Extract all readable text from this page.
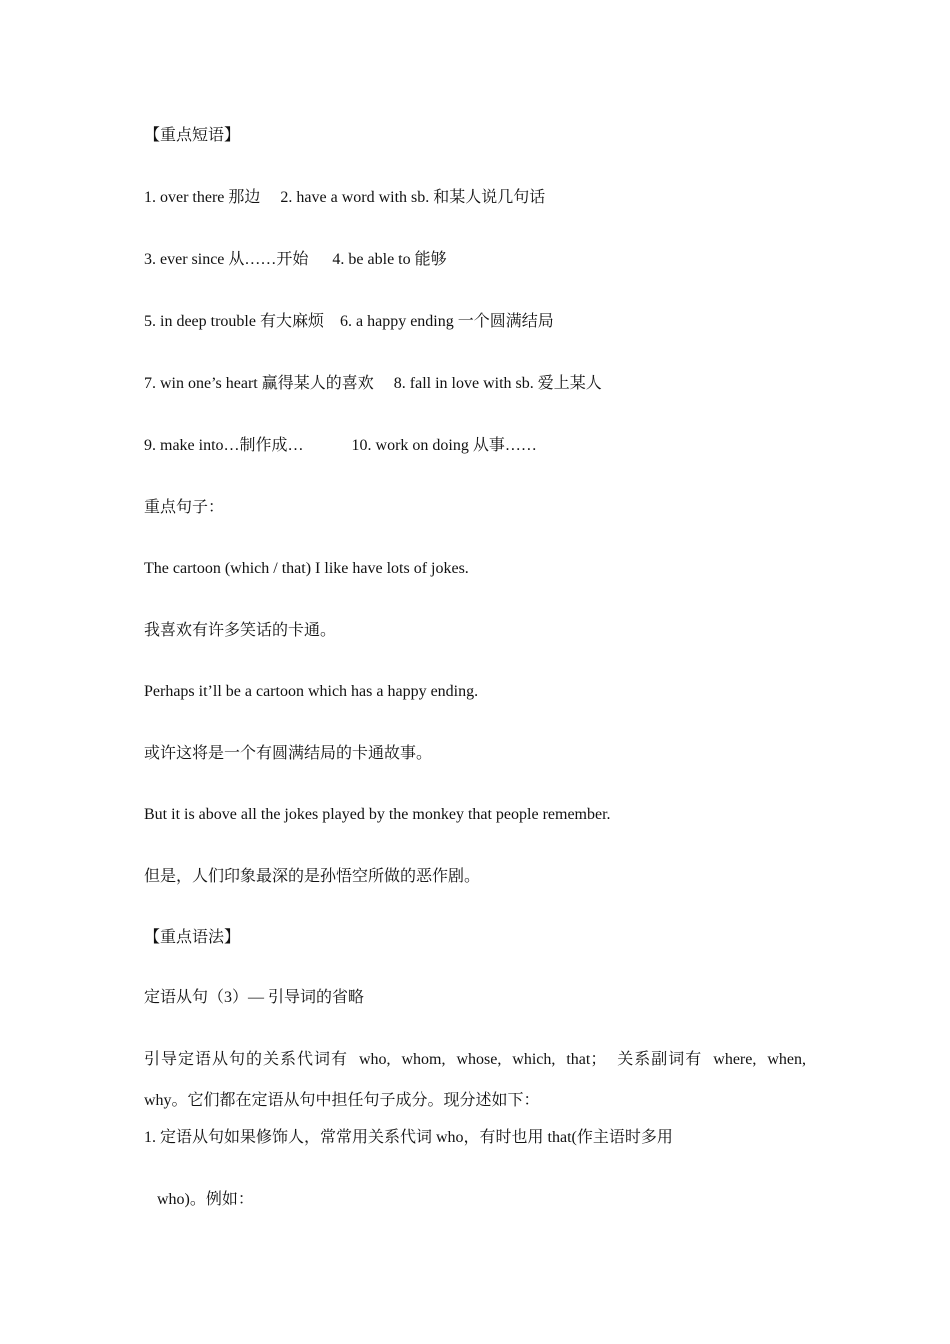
【重点短语】
1. over there 那边 2. have a word with sb. 和某人说几句话
3. ever since 从……开始 4. be able to 能够
5. in deep trouble 有大麻烦 6. a happy ending 一个圆满结局
7. win one’s heart 赢得某人的喜欢 8. fall in love with sb. 爱上某人
9. make into…制作成…	10. work on doing 从事……
重点句子：
The cartoon (which / that) I like have lots of jokes.
我喜欢有许多笑话的卡通。
Perhaps it’ll be a cartoon which has a happy ending.
或许这将是一个有圆满结局的卡通故事。
But it is above all the jokes played by the monkey that people remember.
但是，人们印象最深的是孙悟空所做的恶作剧。
【重点语法】
定语从句（3）— 引导词的省略
引导定语从句的关系代词有 who, whom, whose, which, that； 关系副词有 where, when,
why。它们都在定语从句中担任句子成分。现分述如下：
1. 定语从句如果修饰人，常常用关系代词 who，有时也用 that(作主语时多用
who)。例如：
